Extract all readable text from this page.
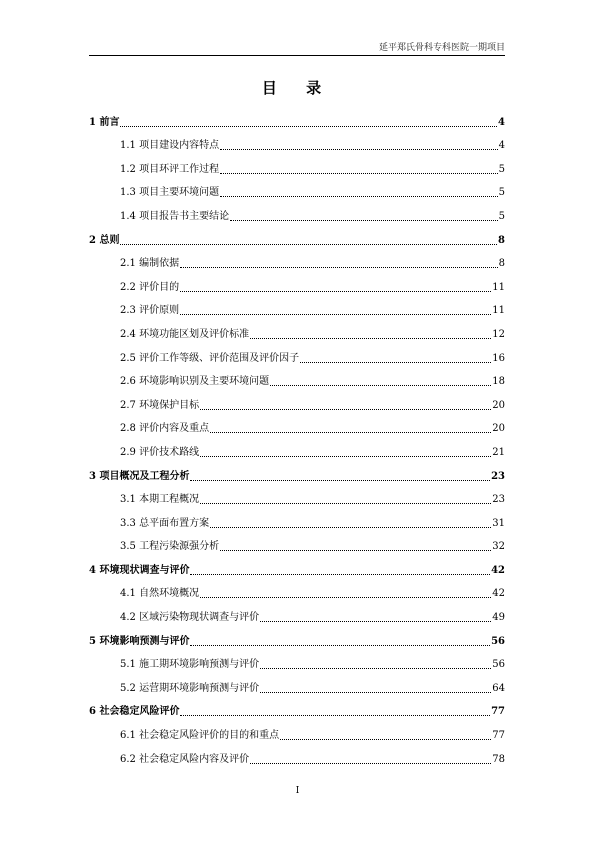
延平郑氏骨科专科医院一期项目
目 录
1 前言	4
1.1 项目建设内容特点	4
1.2 项目环评工作过程	5
1.3 项目主要环境问题	5
1.4 项目报告书主要结论	5
2 总则	8
2.1 编制依据	8
2.2 评价目的	11
2.3 评价原则	11
2.4 环境功能区划及评价标准	12
2.5 评价工作等级、评价范围及评价因子	16
2.6 环境影响识别及主要环境问题	18
2.7 环境保护目标	20
2.8 评价内容及重点	20
2.9 评价技术路线	21
3 项目概况及工程分析	23
3.1 本期工程概况	23
3.3 总平面布置方案	31
3.5 工程污染源强分析	32
4 环境现状调查与评价	42
4.1 自然环境概况	42
4.2 区域污染物现状调查与评价	49
5 环境影响预测与评价	56
5.1 施工期环境影响预测与评价	56
5.2 运营期环境影响预测与评价	64
6 社会稳定风险评价	77
6.1 社会稳定风险评价的目的和重点	77
6.2 社会稳定风险内容及评价	78
I
